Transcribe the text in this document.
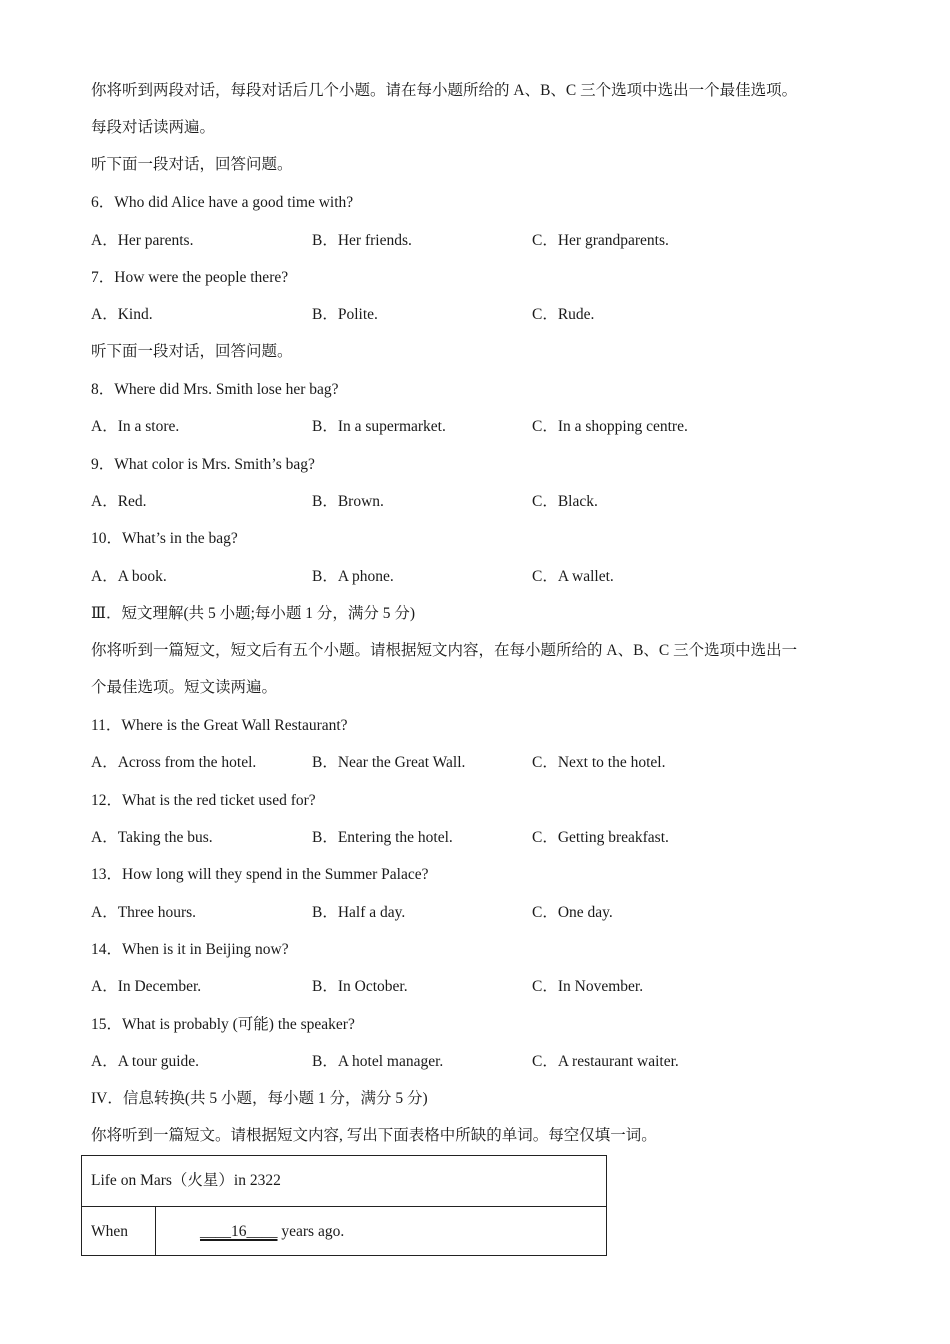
你将听到两段对话，每段对话后几个小题。请在每小题所给的 A、B、C 三个选项中选出一个最佳选项。
每段对话读两遍。
听下面一段对话，回答问题。
6．Who did Alice have a good time with?
A．Her parents.	B．Her friends.	C．Her grandparents.
7．How were the people there?
A．Kind.	B．Polite.	C．Rude.
听下面一段对话，回答问题。
8．Where did Mrs. Smith lose her bag?
A．In a store.	B．In a supermarket.	C．In a shopping centre.
9．What color is Mrs. Smith’s bag?
A．Red.	B．Brown.	C．Black.
10．What’s in the bag?
A．A book.	B．A phone.	C．A wallet.
Ⅲ．短文理解(共 5 小题;每小题 1 分，满分 5 分)
你将听到一篇短文，短文后有五个小题。请根据短文内容，在每小题所给的 A、B、C 三个选项中选出一
个最佳选项。短文读两遍。
11．Where is the Great Wall Restaurant?
A．Across from the hotel.	B．Near the Great Wall.	C．Next to the hotel.
12．What is the red ticket used for?
A．Taking the bus.	B．Entering the hotel.	C．Getting breakfast.
13．How long will they spend in the Summer Palace?
A．Three hours.	B．Half a day.	C．One day.
14．When is it in Beijing now?
A．In December.	B．In October.	C．In November.
15．What is probably (可能) the speaker?
A．A tour guide.	B．A hotel manager.	C．A restaurant waiter.
IV．信息转换(共 5 小题，每小题 1 分，满分 5 分)
你将听到一篇短文。请根据短文内容, 写出下面表格中所缺的单词。每空仅填一词。
Life on Mars（火星）in 2322
When	____16____ years ago.
